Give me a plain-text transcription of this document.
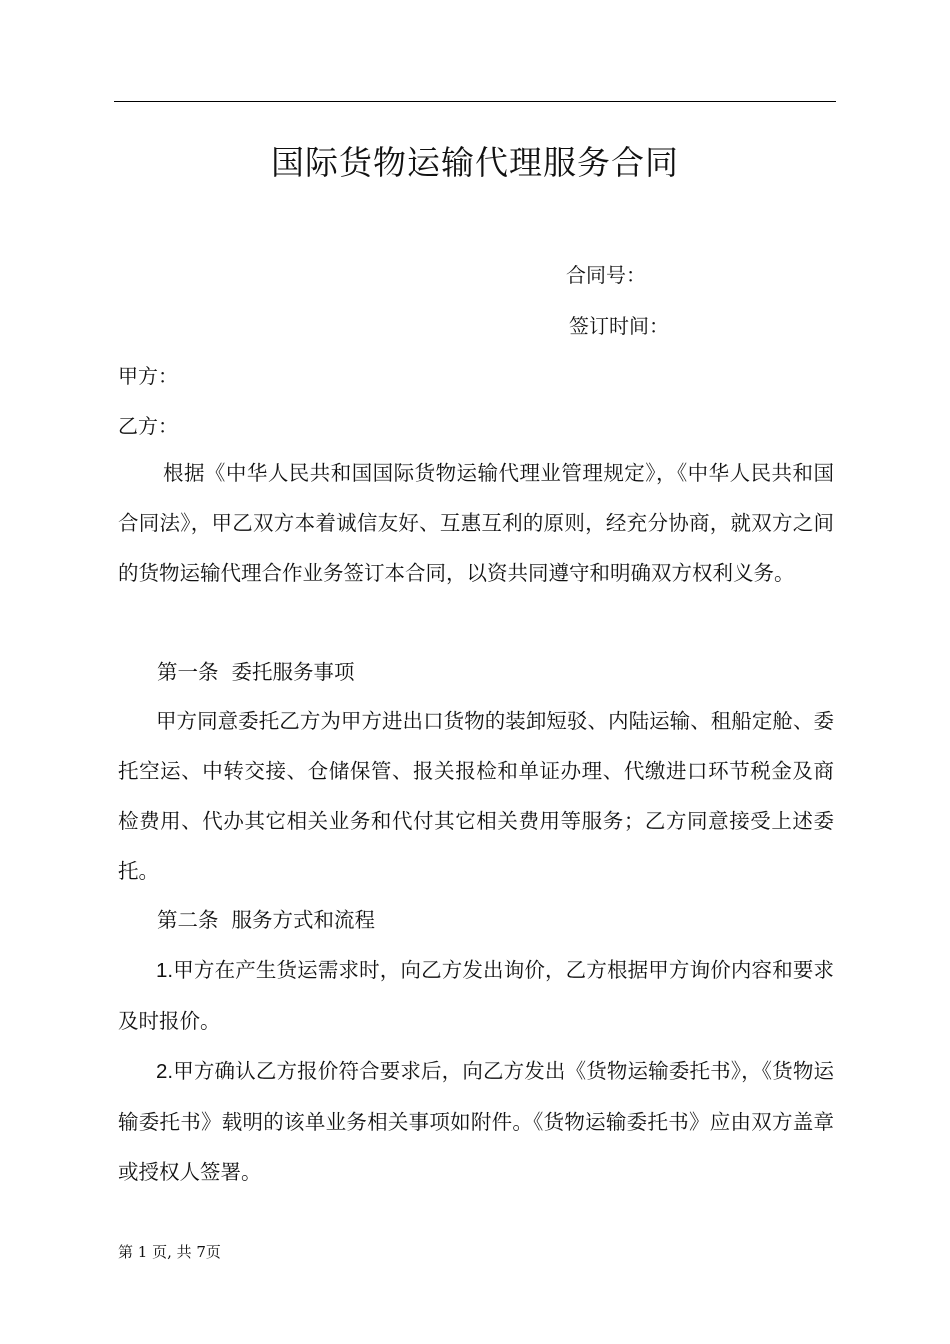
国际货物运输代理服务合同
合同号：
签订时间：
甲方：
乙方：

根据《中华人民共和国国际货物运输代理业管理规定》，《中华人民共和国合同法》，甲乙双方本着诚信友好、互惠互利的原则，经充分协商，就双方之间的货物运输代理合作业务签订本合同，以资共同遵守和明确双方权利义务。

第一条  委托服务事项

甲方同意委托乙方为甲方进出口货物的装卸短驳、内陆运输、租船定舱、委托空运、中转交接、仓储保管、报关报检和单证办理、代缴进口环节税金及商检费用、代办其它相关业务和代付其它相关费用等服务；乙方同意接受上述委托。

第二条  服务方式和流程

1.甲方在产生货运需求时，向乙方发出询价，乙方根据甲方询价内容和要求及时报价。

2.甲方确认乙方报价符合要求后，向乙方发出《货物运输委托书》，《货物运输委托书》载明的该单业务相关事项如附件。《货物运输委托书》应由双方盖章或授权人签署。

第 1 页, 共 7页
